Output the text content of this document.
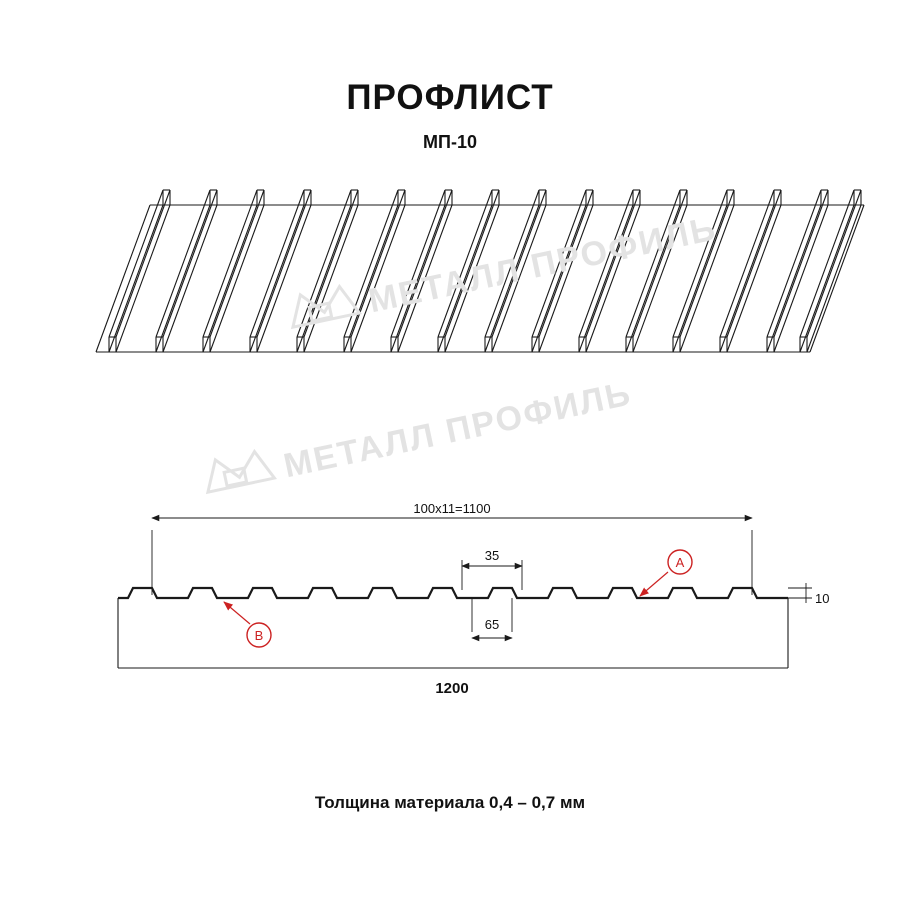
ПРОФЛИСТ
МП-10
МЕТАЛЛ ПРОФИЛЬ
МЕТАЛЛ ПРОФИЛЬ
100х11=1100
35
65
10
1200
A
B
Толщина материала 0,4 – 0,7 мм
